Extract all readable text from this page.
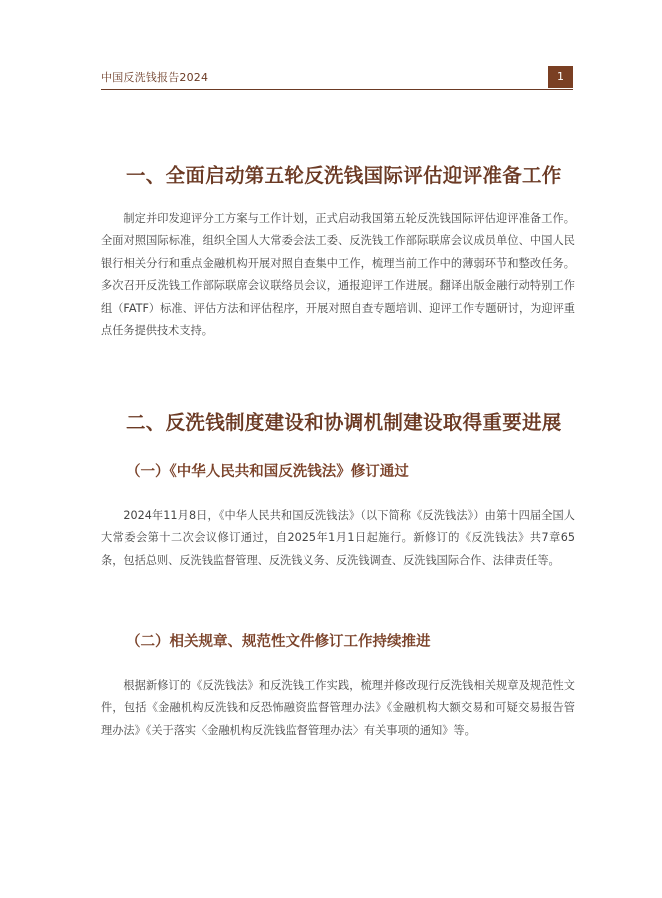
中国反洗钱报告2024	1
一、全面启动第五轮反洗钱国际评估迎评准备工作
制定并印发迎评分工方案与工作计划，正式启动我国第五轮反洗钱国际评估迎评准备工作。全面对照国际标准，组织全国人大常委会法工委、反洗钱工作部际联席会议成员单位、中国人民银行相关分行和重点金融机构开展对照自查集中工作，梳理当前工作中的薄弱环节和整改任务。多次召开反洗钱工作部际联席会议联络员会议，通报迎评工作进展。翻译出版金融行动特别工作组（FATF）标准、评估方法和评估程序，开展对照自查专题培训、迎评工作专题研讨，为迎评重点任务提供技术支持。
二、反洗钱制度建设和协调机制建设取得重要进展
（一）《中华人民共和国反洗钱法》修订通过
2024年11月8日，《中华人民共和国反洗钱法》（以下简称《反洗钱法》）由第十四届全国人大常委会第十二次会议修订通过，自2025年1月1日起施行。新修订的《反洗钱法》共7章65条，包括总则、反洗钱监督管理、反洗钱义务、反洗钱调查、反洗钱国际合作、法律责任等。
（二）相关规章、规范性文件修订工作持续推进
根据新修订的《反洗钱法》和反洗钱工作实践，梳理并修改现行反洗钱相关规章及规范性文件，包括《金融机构反洗钱和反恐怖融资监督管理办法》《金融机构大额交易和可疑交易报告管理办法》《关于落实〈金融机构反洗钱监督管理办法〉有关事项的通知》等。
